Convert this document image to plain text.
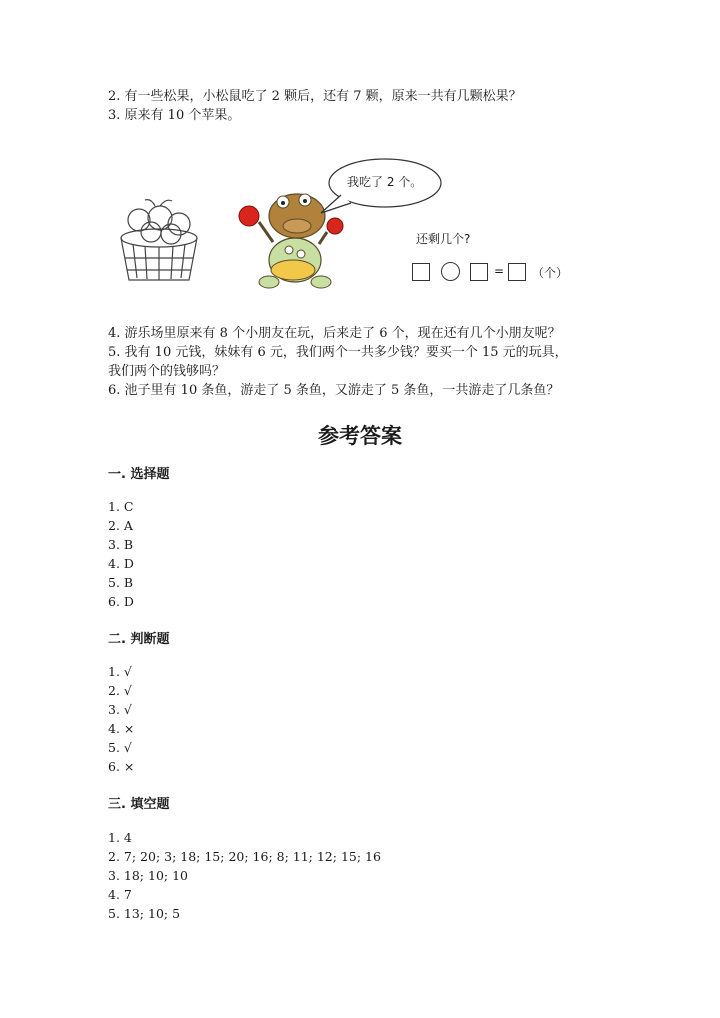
2. 有一些松果，小松鼠吃了 2 颗后，还有 7 颗，原来一共有几颗松果？
3. 原来有 10 个苹果。
我吃了 2 个。
还剩几个?
= （个）
4. 游乐场里原来有 8 个小朋友在玩，后来走了 6 个，现在还有几个小朋友呢？
5. 我有 10 元钱，妹妹有 6 元，我们两个一共多少钱？要买一个 15 元的玩具，
我们两个的钱够吗？
6. 池子里有 10 条鱼，游走了 5 条鱼，又游走了 5 条鱼，一共游走了几条鱼？
参考答案
一. 选择题
1. C
2. A
3. B
4. D
5. B
6. D
二. 判断题
1. √
2. √
3. √
4. ×
5. √
6. ×
三. 填空题
1. 4
2. 7; 20; 3; 18; 15; 20; 16; 8; 11; 12; 15; 16
3. 18; 10; 10
4. 7
5. 13; 10; 5
